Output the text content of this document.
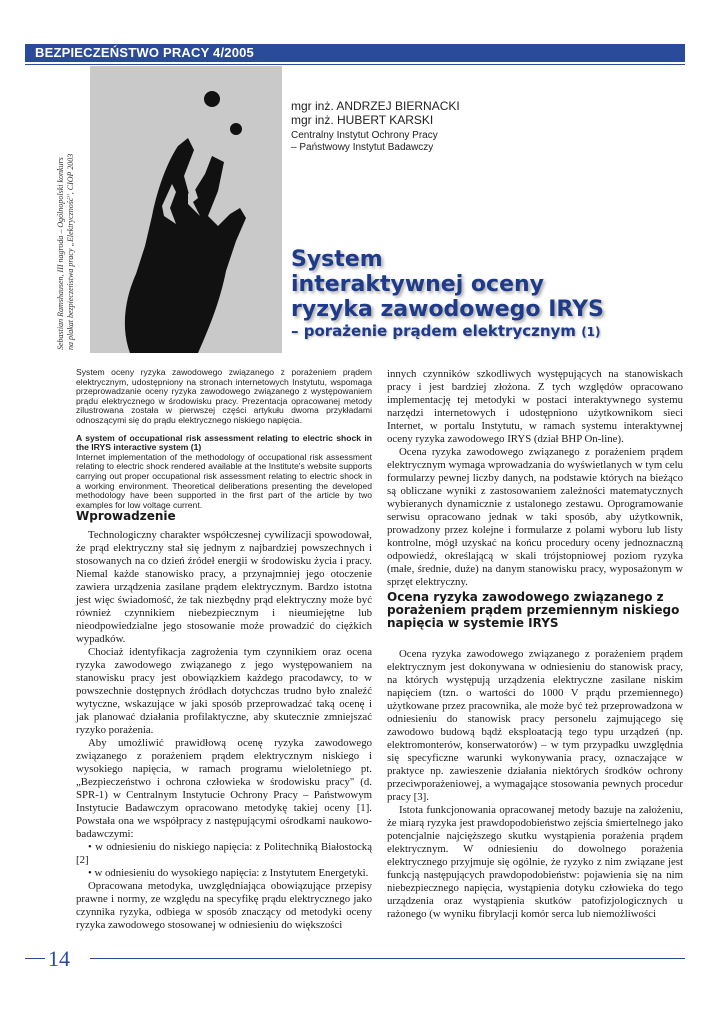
BEZPIECZEŃSTWO PRACY 4/2005
Sebastian Ramshausen, III nagroda – Ogólnopolski konkurs na plakat bezpieczeństwa pracy „Elektryczność", CIOP 2003
mgr inż. ANDRZEJ BIERNACKI
mgr inż. HUBERT KARSKI
Centralny Instytut Ochrony Pracy
– Państwowy Instytut Badawczy
System
interaktywnej oceny
ryzyka zawodowego IRYS
– porażenie prądem elektrycznym (1)

System oceny ryzyka zawodowego związanego z porażeniem prądem elektrycznym, udostępniony na stronach internetowych Instytutu, wspomaga przeprowadzanie oceny ryzyka zawodowego związanego z występowaniem prądu elektrycznego w środowisku pracy. Prezentacja opracowanej metody zilustrowana została w pierwszej części artykułu dwoma przykładami odnoszącymi się do prądu elektrycznego niskiego napięcia.

A system of occupational risk assessment relating to electric shock in the IRYS interactive system (1)

Internet implementation of the methodology of occupational risk assessment relating to electric shock rendered available at the Institute's website supports carrying out proper occupational risk assessment relating to electric shock in a working environment. Theoretical deliberations presenting the developed methodology have been supported in the first part of the article by two examples for low voltage current.

Wprowadzenie

Technologiczny charakter współczesnej cywilizacji spowodował, że prąd elektryczny stał się jednym z najbardziej powszechnych i stosowanych na co dzień źródeł energii w środowisku życia i pracy. Niemal każde stanowisko pracy, a przynajmniej jego otoczenie zawiera urządzenia zasilane prądem elektrycznym. Bardzo istotna jest więc świadomość, że tak niezbędny prąd elektryczny może być również czynnikiem niebezpiecznym i nieumiejętne lub nieodpowiedzialne jego stosowanie może prowadzić do ciężkich wypadków.

Chociaż identyfikacja zagrożenia tym czynnikiem oraz ocena ryzyka zawodowego związanego z jego występowaniem na stanowisku pracy jest obowiązkiem każdego pracodawcy, to w powszechnie dostępnych źródłach dotychczas trudno było znaleźć wytyczne, wskazujące w jaki sposób przeprowadzać taką ocenę i jak planować działania profilaktyczne, aby skutecznie zmniejszać ryzyko porażenia.

Aby umożliwić prawidłową ocenę ryzyka zawodowego związanego z porażeniem prądem elektrycznym niskiego i wysokiego napięcia, w ramach programu wieloletniego pt. „Bezpieczeństwo i ochrona człowieka w środowisku pracy" (d. SPR-1) w Centralnym Instytucie Ochrony Pracy – Państwowym Instytucie Badawczym opracowano metodykę takiej oceny [1]. Powstała ona we współpracy z następującymi ośrodkami naukowo-badawczymi:

• w odniesieniu do niskiego napięcia: z Politechniką Białostocką [2]

• w odniesieniu do wysokiego napięcia: z Instytutem Energetyki.

Opracowana metodyka, uwzględniająca obowiązujące przepisy prawne i normy, ze względu na specyfikę prądu elektrycznego jako czynnika ryzyka, odbiega w sposób znaczący od metodyki oceny ryzyka zawodowego stosowanej w odniesieniu do większości

innych czynników szkodliwych występujących na stanowiskach pracy i jest bardziej złożona. Z tych względów opracowano implementację tej metodyki w postaci interaktywnego systemu narzędzi internetowych i udostępniono użytkownikom sieci Internet, w portalu Instytutu, w ramach systemu interaktywnej oceny ryzyka zawodowego IRYS (dział BHP On-line).

Ocena ryzyka zawodowego związanego z porażeniem prądem elektrycznym wymaga wprowadzania do wyświetlanych w tym celu formularzy pewnej liczby danych, na podstawie których na bieżąco są obliczane wyniki z zastosowaniem zależności matematycznych wybieranych dynamicznie z ustalonego zestawu. Oprogramowanie serwisu opracowano jednak w taki sposób, aby użytkownik, prowadzony przez kolejne i formularze z polami wyboru lub listy kontrolne, mógł uzyskać na końcu procedury oceny jednoznaczną odpowiedź, określającą w skali trójstopniowej poziom ryzyka (małe, średnie, duże) na danym stanowisku pracy, wyposażonym w sprzęt elektryczny.

Ocena ryzyka zawodowego związanego z porażeniem prądem przemiennym niskiego napięcia w systemie IRYS

Ocena ryzyka zawodowego związanego z porażeniem prądem elektrycznym jest dokonywana w odniesieniu do stanowisk pracy, na których występują urządzenia elektryczne zasilane niskim napięciem (tzn. o wartości do 1000 V prądu przemiennego) użytkowane przez pracownika, ale może być też przeprowadzona w odniesieniu do stanowisk pracy personelu zajmującego się zawodowo budową bądź eksploatacją tego typu urządzeń (np. elektromonterów, konserwatorów) – w tym przypadku uwzględnia się specyficzne warunki wykonywania pracy, oznaczające w praktyce np. zawieszenie działania niektórych środków ochrony przeciwporażeniowej, a wymagające stosowania pewnych procedur pracy [3].

Istota funkcjonowania opracowanej metody bazuje na założeniu, że miarą ryzyka jest prawdopodobieństwo zejścia śmiertelnego jako potencjalnie najcięższego skutku wystąpienia porażenia prądem elektrycznym. W odniesieniu do dowolnego porażenia elektrycznego przyjmuje się ogólnie, że ryzyko z nim związane jest funkcją następujących prawdopodobieństw: pojawienia się na nim niebezpiecznego napięcia, wystąpienia dotyku człowieka do tego urządzenia oraz wystąpienia skutków patofizjologicznych u rażonego (w wyniku fibrylacji komór serca lub niemożliwości

14
